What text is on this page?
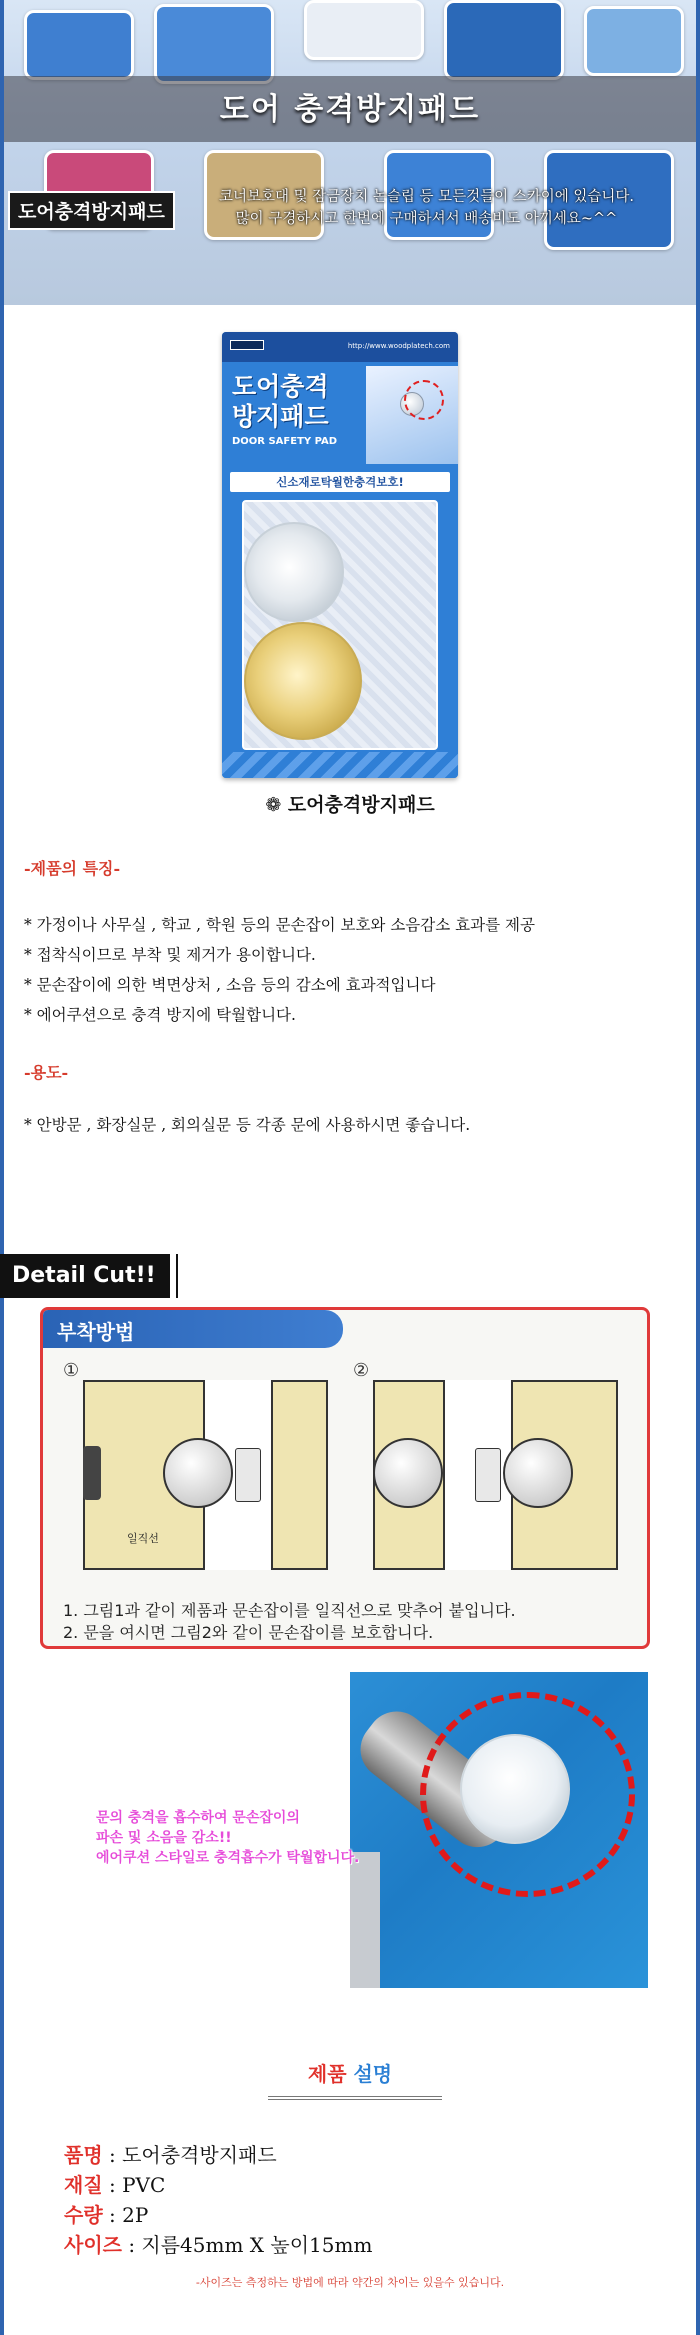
도어 충격방지패드
도어충격방지패드
코너보호대 및 잠금장치 논슬립 등 모든것들이 스카이에 있습니다.
많이 구경하시고 한번에 구매하셔서 배송비도 아끼세요~^^
http://www.woodplatech.com
도어충격
방지패드
DOOR SAFETY PAD
신소재로탁월한충격보호!
❁ 도어충격방지패드
-제품의 특징-
* 가정이나 사무실 , 학교 , 학원 등의 문손잡이 보호와 소음감소 효과를 제공
* 접착식이므로 부착 및 제거가 용이합니다.
* 문손잡이에 의한 벽면상처 , 소음 등의 감소에 효과적입니다
* 에어쿠션으로 충격 방지에 탁월합니다.
-용도-
* 안방문 , 화장실문 , 회의실문 등 각종 문에 사용하시면 좋습니다.
Detail Cut!!
부착방법
①
일직선
②
1. 그림1과 같이 제품과 문손잡이를 일직선으로 맞추어 붙입니다.
2. 문을 여시면 그림2와 같이 문손잡이를 보호합니다.
문의 충격을 흡수하여 문손잡이의
파손 및 소음을 감소!!
에어쿠션 스타일로 충격흡수가 탁월합니다.
제품 설명
품명 : 도어충격방지패드
재질 : PVC
수량 : 2P
사이즈 : 지름45mm X 높이15mm
-사이즈는 측정하는 방법에 따라 약간의 차이는 있을수 있습니다.
